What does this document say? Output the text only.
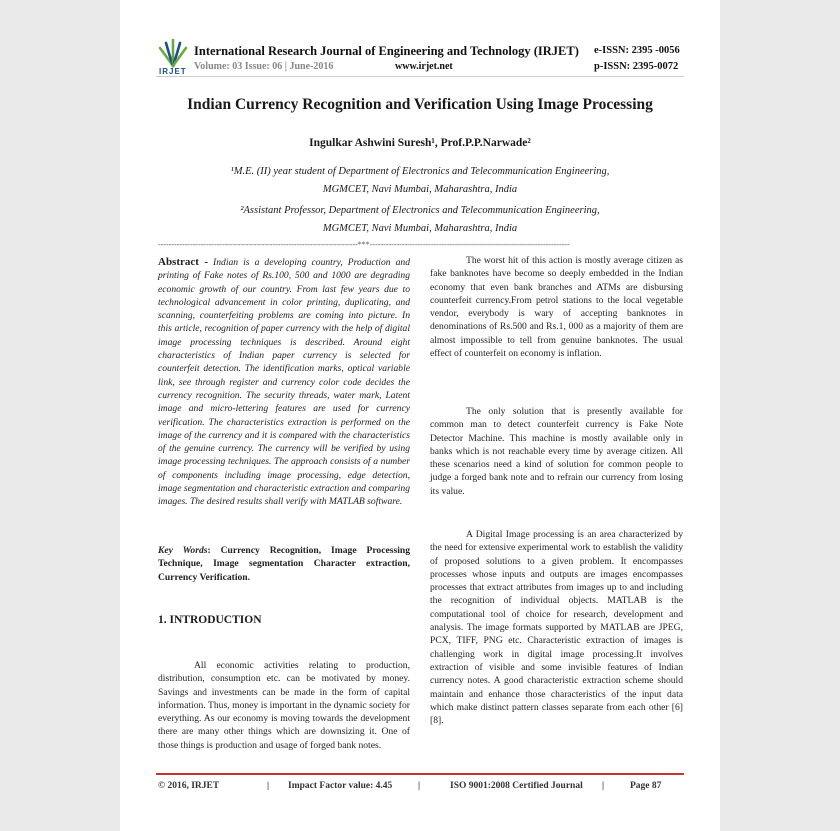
IRJET
International Research Journal of Engineering and Technology (IRJET)
Volume: 03 Issue: 06 | June-2016	www.irjet.net
e-ISSN: 2395 -0056
p-ISSN: 2395-0072
Indian Currency Recognition and Verification Using Image Processing
Ingulkar Ashwini Suresh¹, Prof.P.P.Narwade²
¹M.E. (II) year student of Department of Electronics and Telecommunication Engineering,
MGMCET, Navi Mumbai, Maharashtra, India
²Assistant Professor, Department of Electronics and Telecommunication Engineering,
MGMCET, Navi Mumbai, Maharashtra, India
---------------------------------------------------------------------------***---------------------------------------------------------------------------

Abstract - Indian is a developing country, Production and printing of Fake notes of Rs.100, 500 and 1000 are degrading economic growth of our country. From last few years due to technological advancement in color printing, duplicating, and scanning, counterfeiting problems are coming into picture. In this article, recognition of paper currency with the help of digital image processing techniques is described. Around eight characteristics of Indian paper currency is selected for counterfeit detection. The identification marks, optical variable link, see through register and currency color code decides the currency recognition. The security threads, water mark, Latent image and micro-lettering features are used for currency verification. The characteristics extraction is performed on the image of the currency and it is compared with the characteristics of the genuine currency. The currency will be verified by using image processing techniques. The approach consists of a number of components including image processing, edge detection, image segmentation and characteristic extraction and comparing images. The desired results shall verify with MATLAB software.

Key Words: Currency Recognition, Image Processing Technique, Image segmentation Character extraction, Currency Verification.

1. INTRODUCTION

All economic activities relating to production, distribution, consumption etc. can be motivated by money. Savings and investments can be made in the form of capital information. Thus, money is important in the dynamic society for everything. As our economy is moving towards the development there are many other things which are downsizing it. One of those things is production and usage of forged bank notes.

The worst hit of this action is mostly average citizen as fake banknotes have become so deeply embedded in the Indian economy that even bank branches and ATMs are disbursing counterfeit currency.From petrol stations to the local vegetable vendor, everybody is wary of accepting banknotes in denominations of Rs.500 and Rs.1, 000 as a majority of them are almost impossible to tell from genuine banknotes. The usual effect of counterfeit on economy is inflation.

The only solution that is presently available for common man to detect counterfeit currency is Fake Note Detector Machine. This machine is mostly available only in banks which is not reachable every time by average citizen. All these scenarios need a kind of solution for common people to judge a forged bank note and to refrain our currency from losing its value.

A Digital Image processing is an area characterized by the need for extensive experimental work to establish the validity of proposed solutions to a given problem. It encompasses processes whose inputs and outputs are images encompasses processes that extract attributes from images up to and including the recognition of individual objects. MATLAB is the computational tool of choice for research, development and analysis. The image formats supported by MATLAB are JPEG, PCX, TIFF, PNG etc. Characteristic extraction of images is challenging work in digital image processing.It involves extraction of visible and some invisible features of Indian currency notes. A good characteristic extraction scheme should maintain and enhance those characteristics of the input data which make distinct pattern classes separate from each other [6] [8].

© 2016, IRJET	| Impact Factor value: 4.45	|	ISO 9001:2008 Certified Journal |	Page 87
